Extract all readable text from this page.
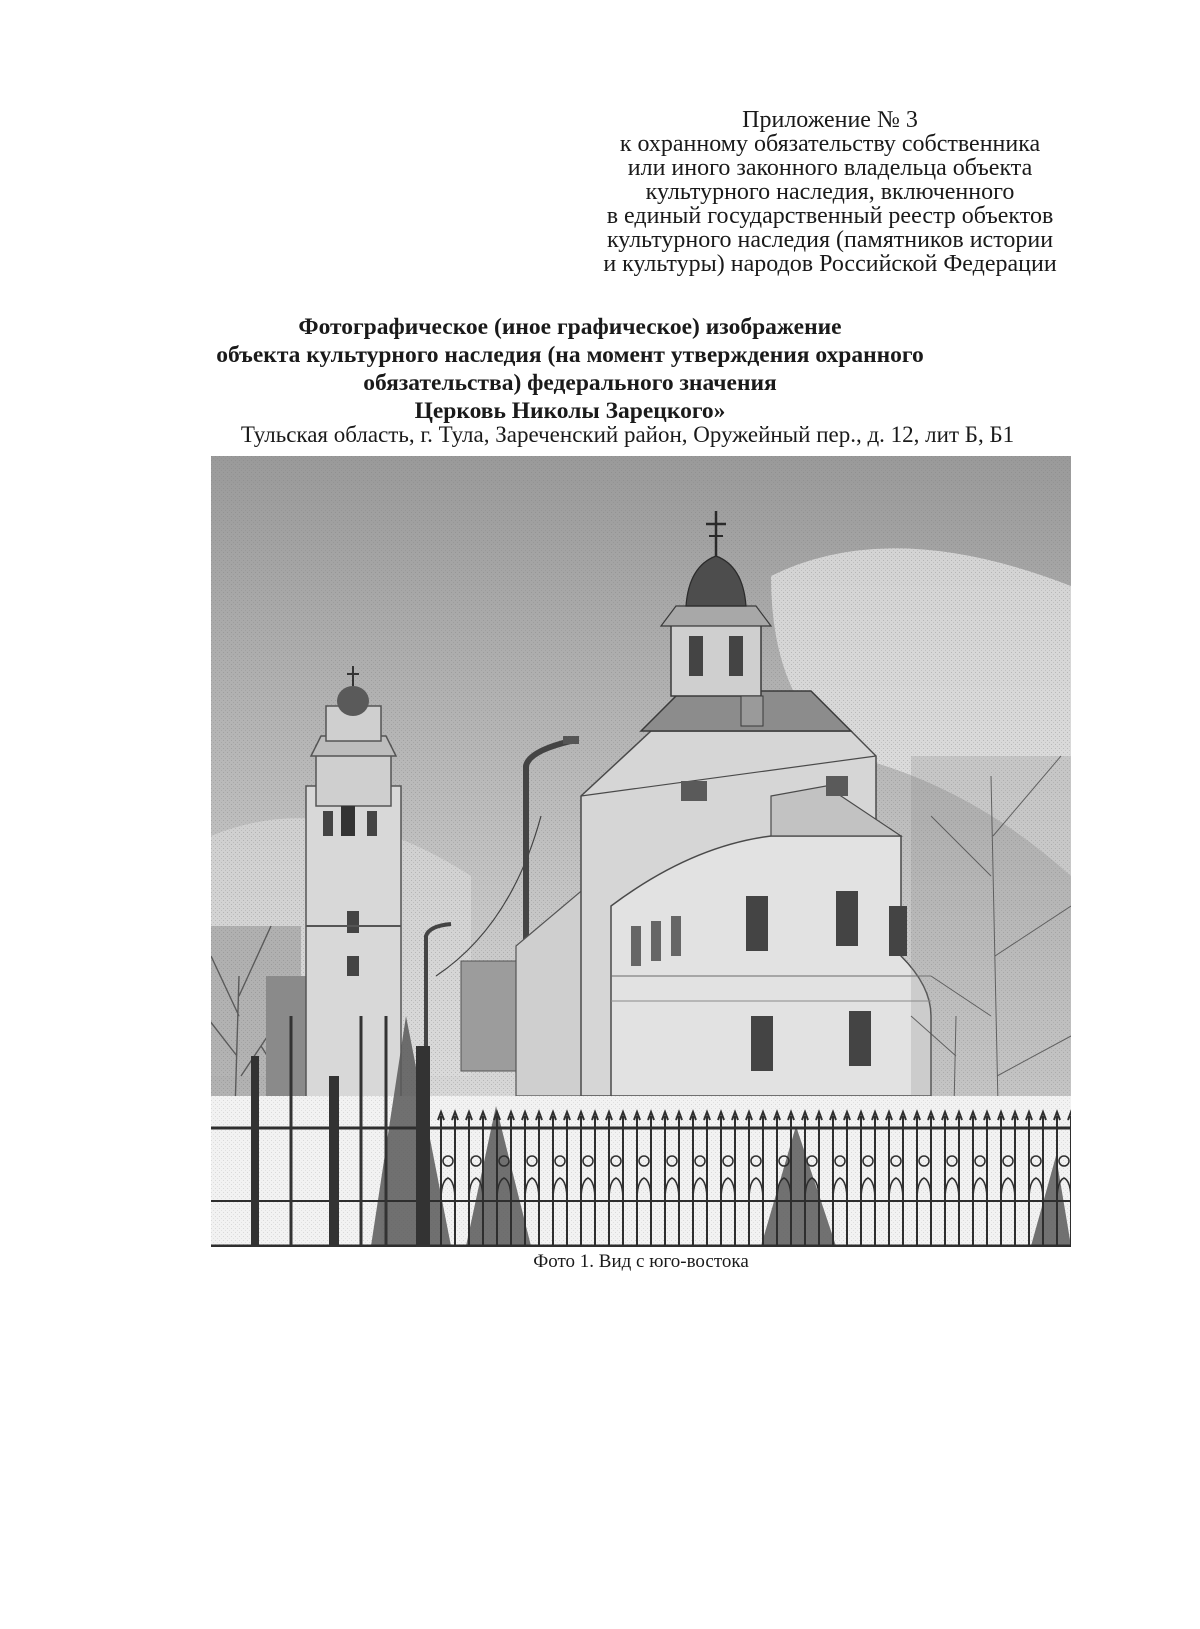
Приложение № 3
к охранному обязательству собственника
или иного законного владельца объекта
культурного наследия, включенного
в единый государственный реестр объектов
культурного наследия (памятников истории
и культуры) народов Российской Федерации
Фотографическое (иное графическое) изображение
объекта культурного наследия (на момент утверждения охранного
обязательства) федерального значения
Церковь Николы Зарецкого»
Тульская область, г. Тула, Зареченский район, Оружейный пер., д. 12, лит Б, Б1
Фото 1. Вид с юго-востока
